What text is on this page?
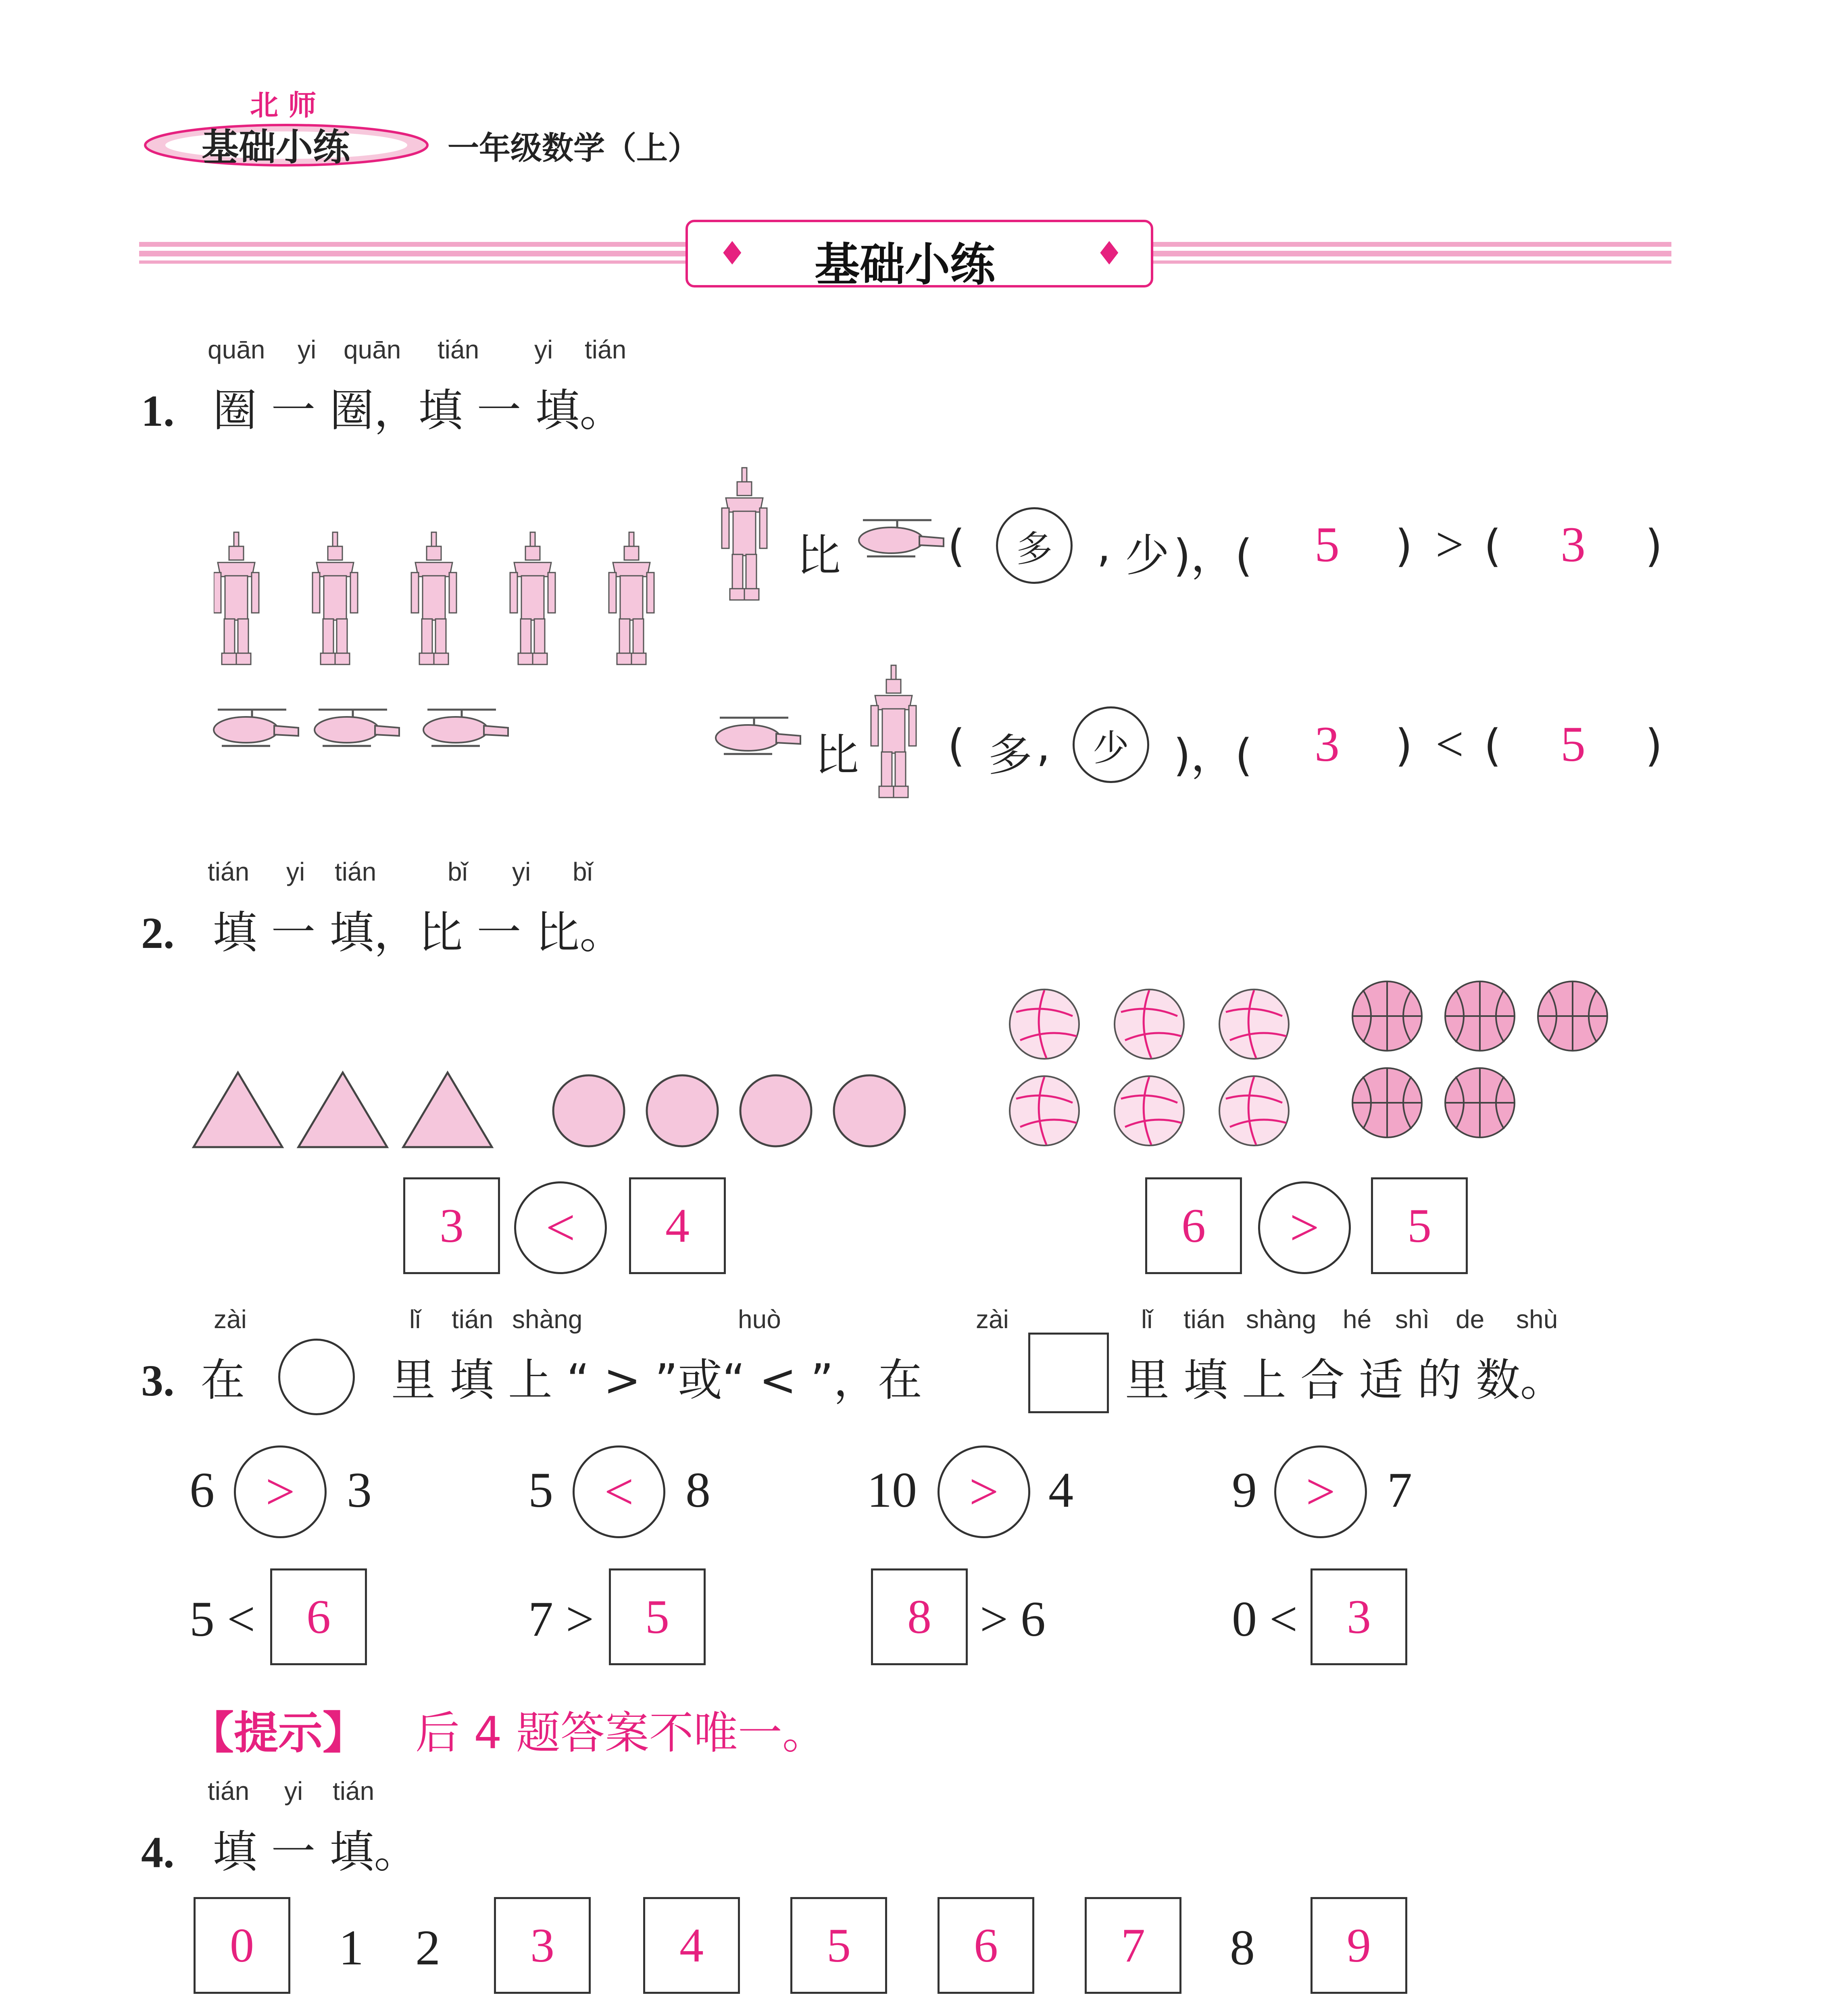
北 师
基础小练	一年级数学（上）
♦	♦
基础小练
quān yi quān tián yi tián
1. 圈 一 圈，填 一 填。
比 (	多	, 少 )，( 5 ) > ( 3 )
比 ( 多 ,	少	)，( 3 ) < ( 5 )
tián yi tián	bǐ yi bǐ
2. 填 一 填，比 一 比。
3	<	4	6	>	5
zài	lǐ tián shàng	huò	zài	lǐ tián shàng hé shì de shù
3. 在	里 填 上 “ > ”或“ < ”，在	里 填 上 合 适 的 数。
6 >	3	5 <	8	10 > 4	9 >	7
5 <	6	7 >	5	8 > 6	0 <	3
【提示】 后 4 题答案不唯一。
tián yi tián
4. 填 一 填。
0	1 2	3	4	5	6	7	8	9
